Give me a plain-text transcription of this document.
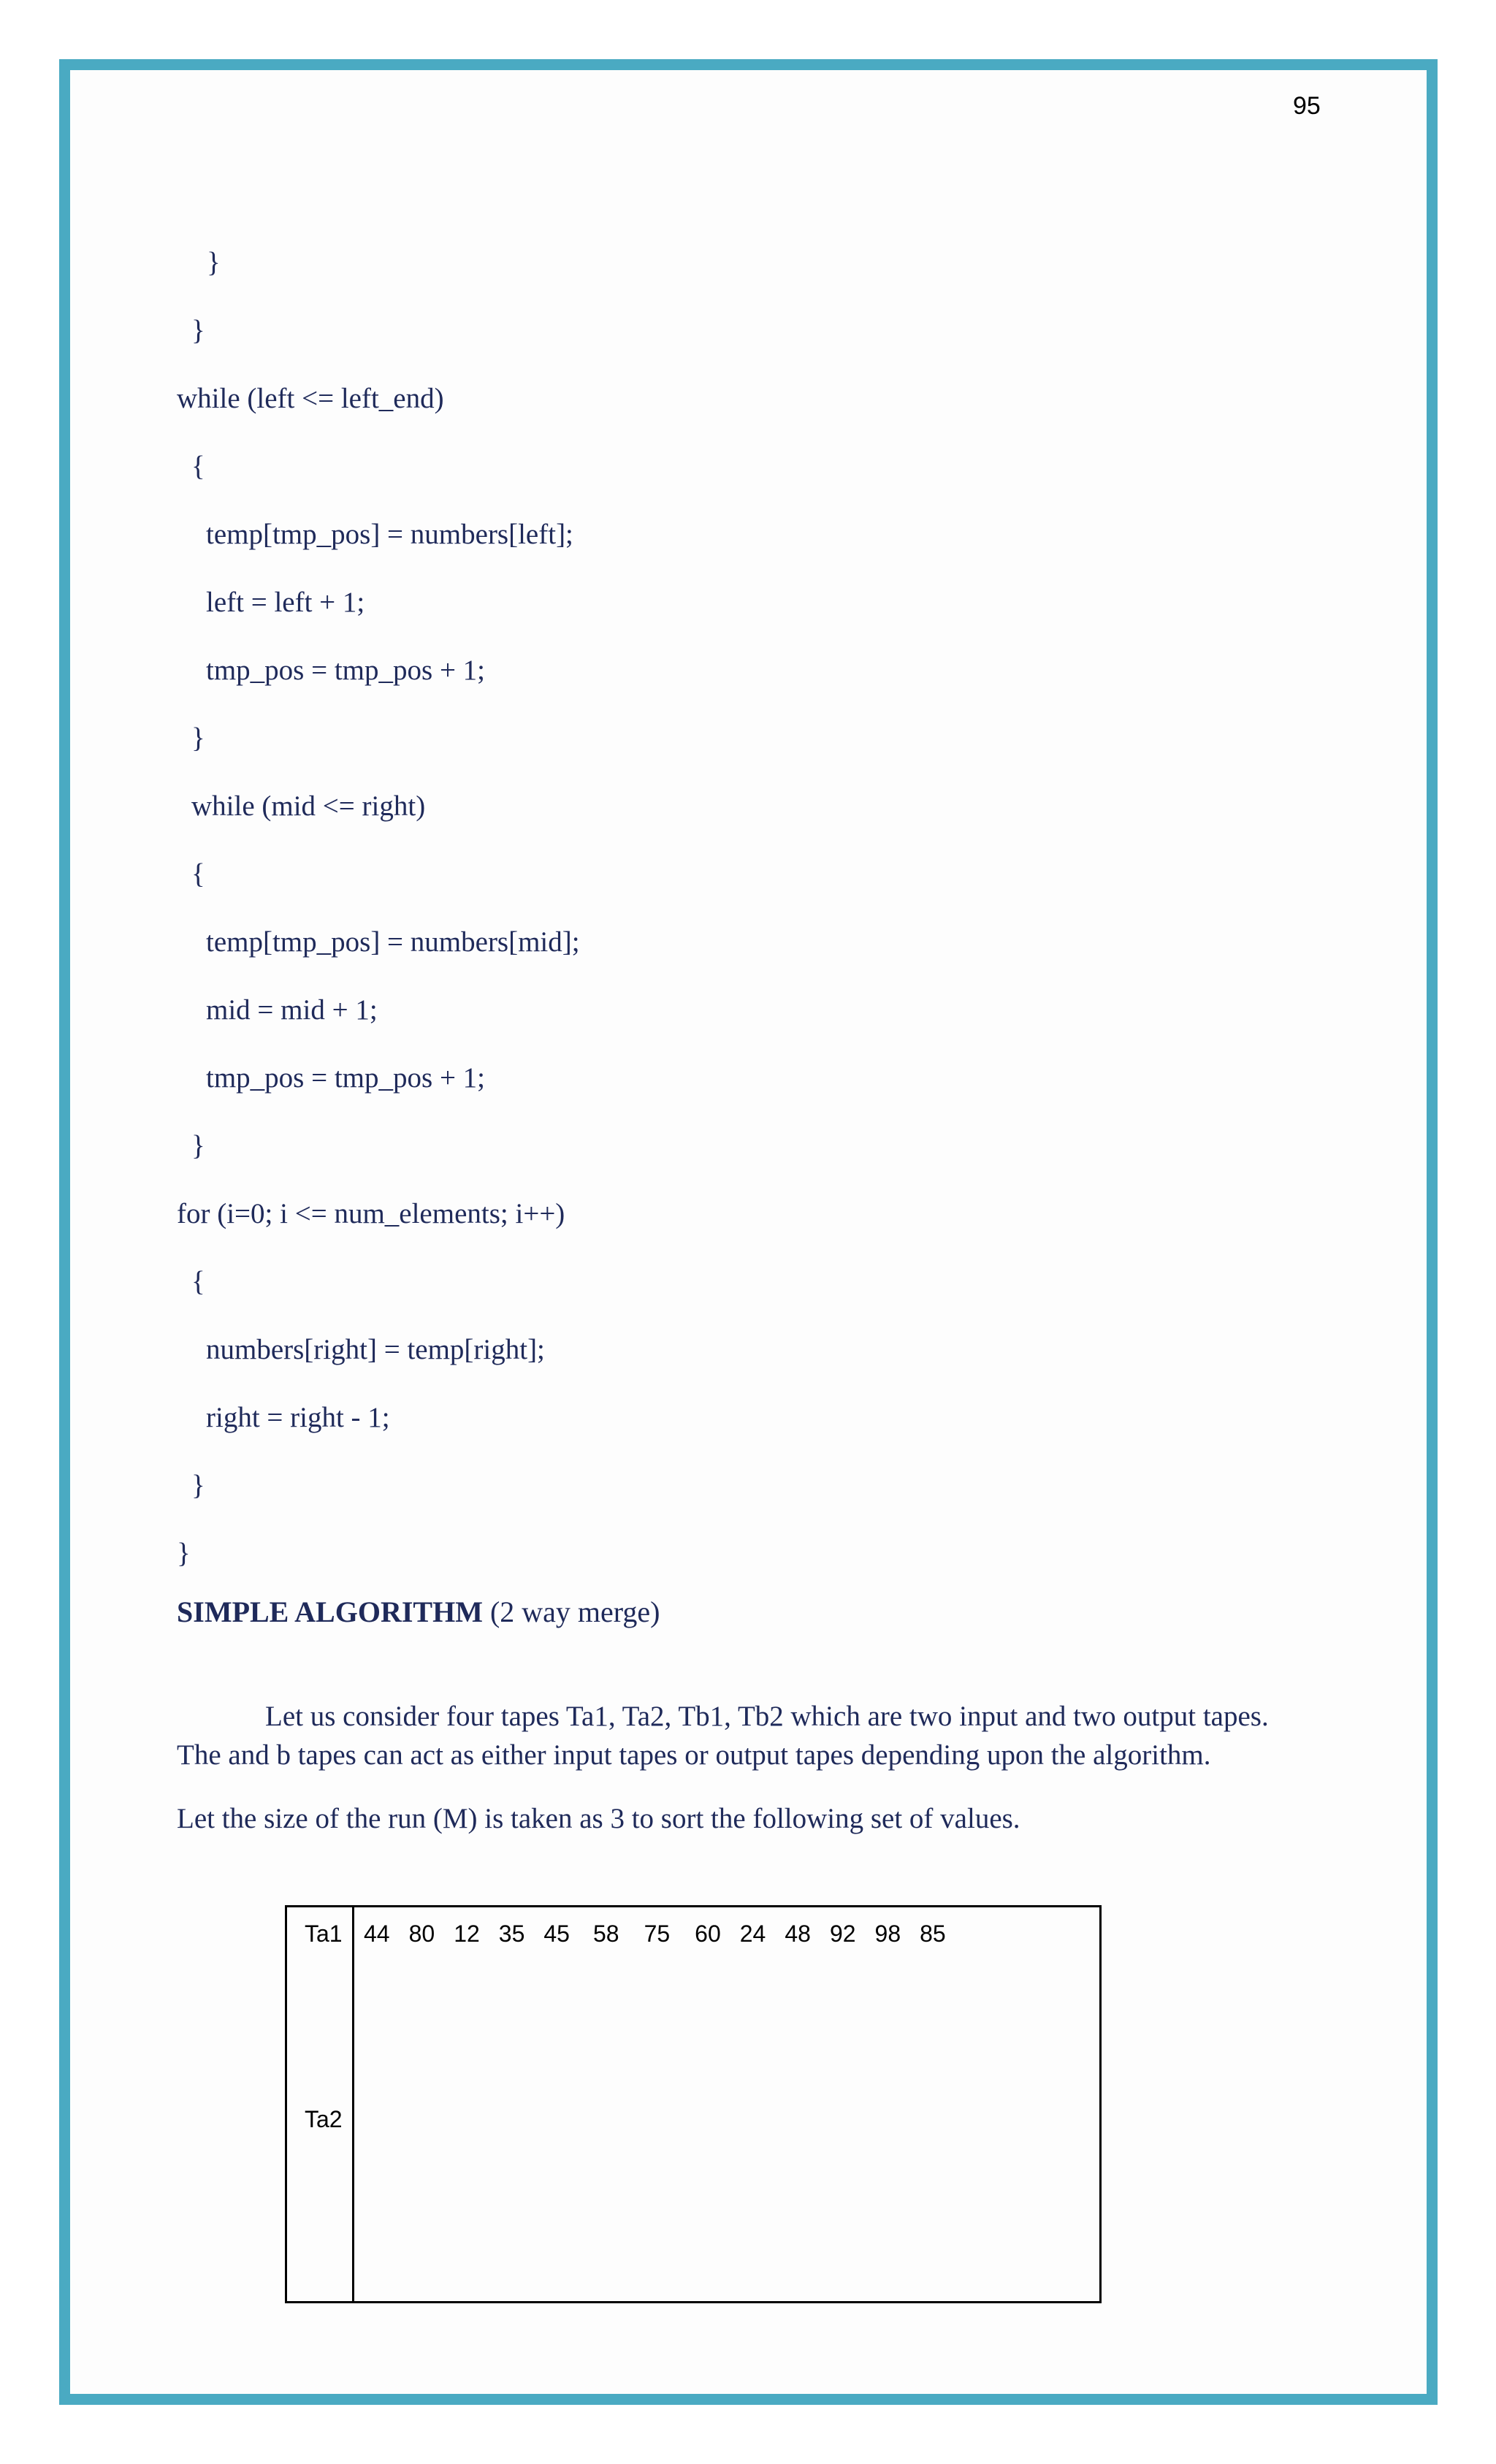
95
}
}
while (left <= left_end)
{
temp[tmp_pos] = numbers[left];
left = left + 1;
tmp_pos = tmp_pos + 1;
}
while (mid <= right)
{
temp[tmp_pos] = numbers[mid];
mid = mid + 1;
tmp_pos = tmp_pos + 1;
}
for (i=0; i <= num_elements; i++)
{
numbers[right] = temp[right];
right = right - 1;
}
}
SIMPLE ALGORITHM (2 way merge)
Let us consider four tapes Ta1, Ta2, Tb1, Tb2 which are two input and two output tapes.
The and b tapes can act as either input tapes or output tapes depending upon the algorithm.
Let the size of the run (M) is taken as 3 to sort the following set of values.
Ta1
Ta2
44 80 12 35 45 58 75 60 24 48 92 98 85
